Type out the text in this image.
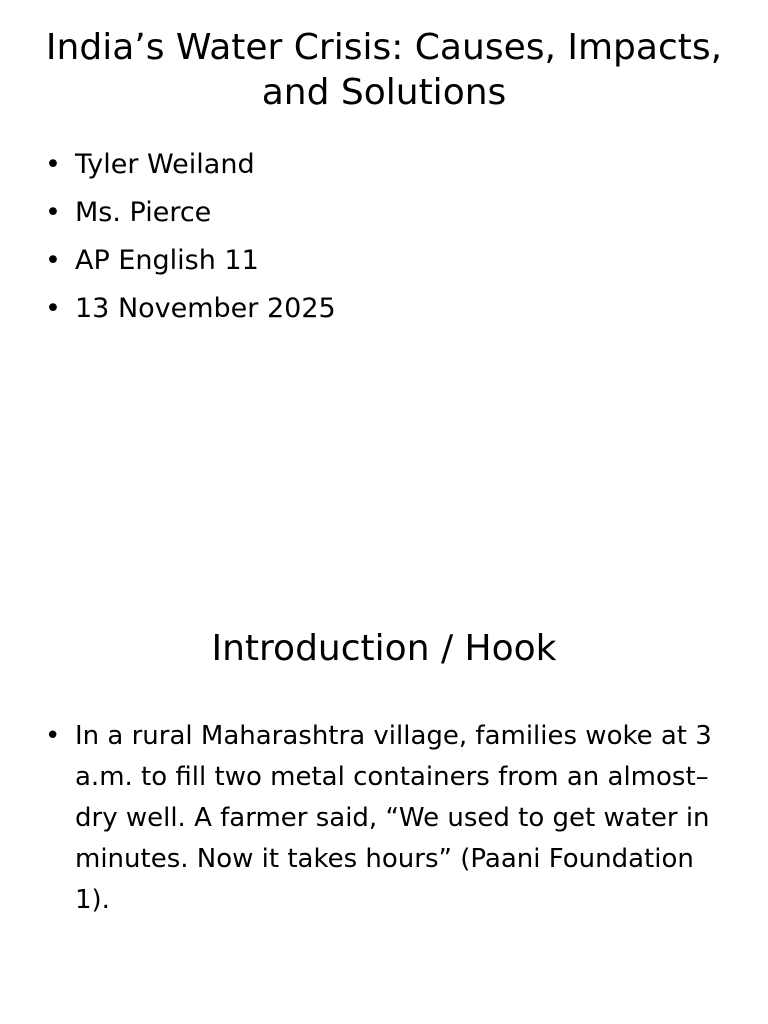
India’s Water Crisis: Causes, Impacts, and Solutions
• Tyler Weiland
• Ms. Pierce
• AP English 11
• 13 November 2025
Introduction / Hook
• In a rural Maharashtra village, families woke at 3 a.m. to fill two metal containers from an almost–dry well. A farmer said, “We used to get water in minutes. Now it takes hours” (Paani Foundation 1).
